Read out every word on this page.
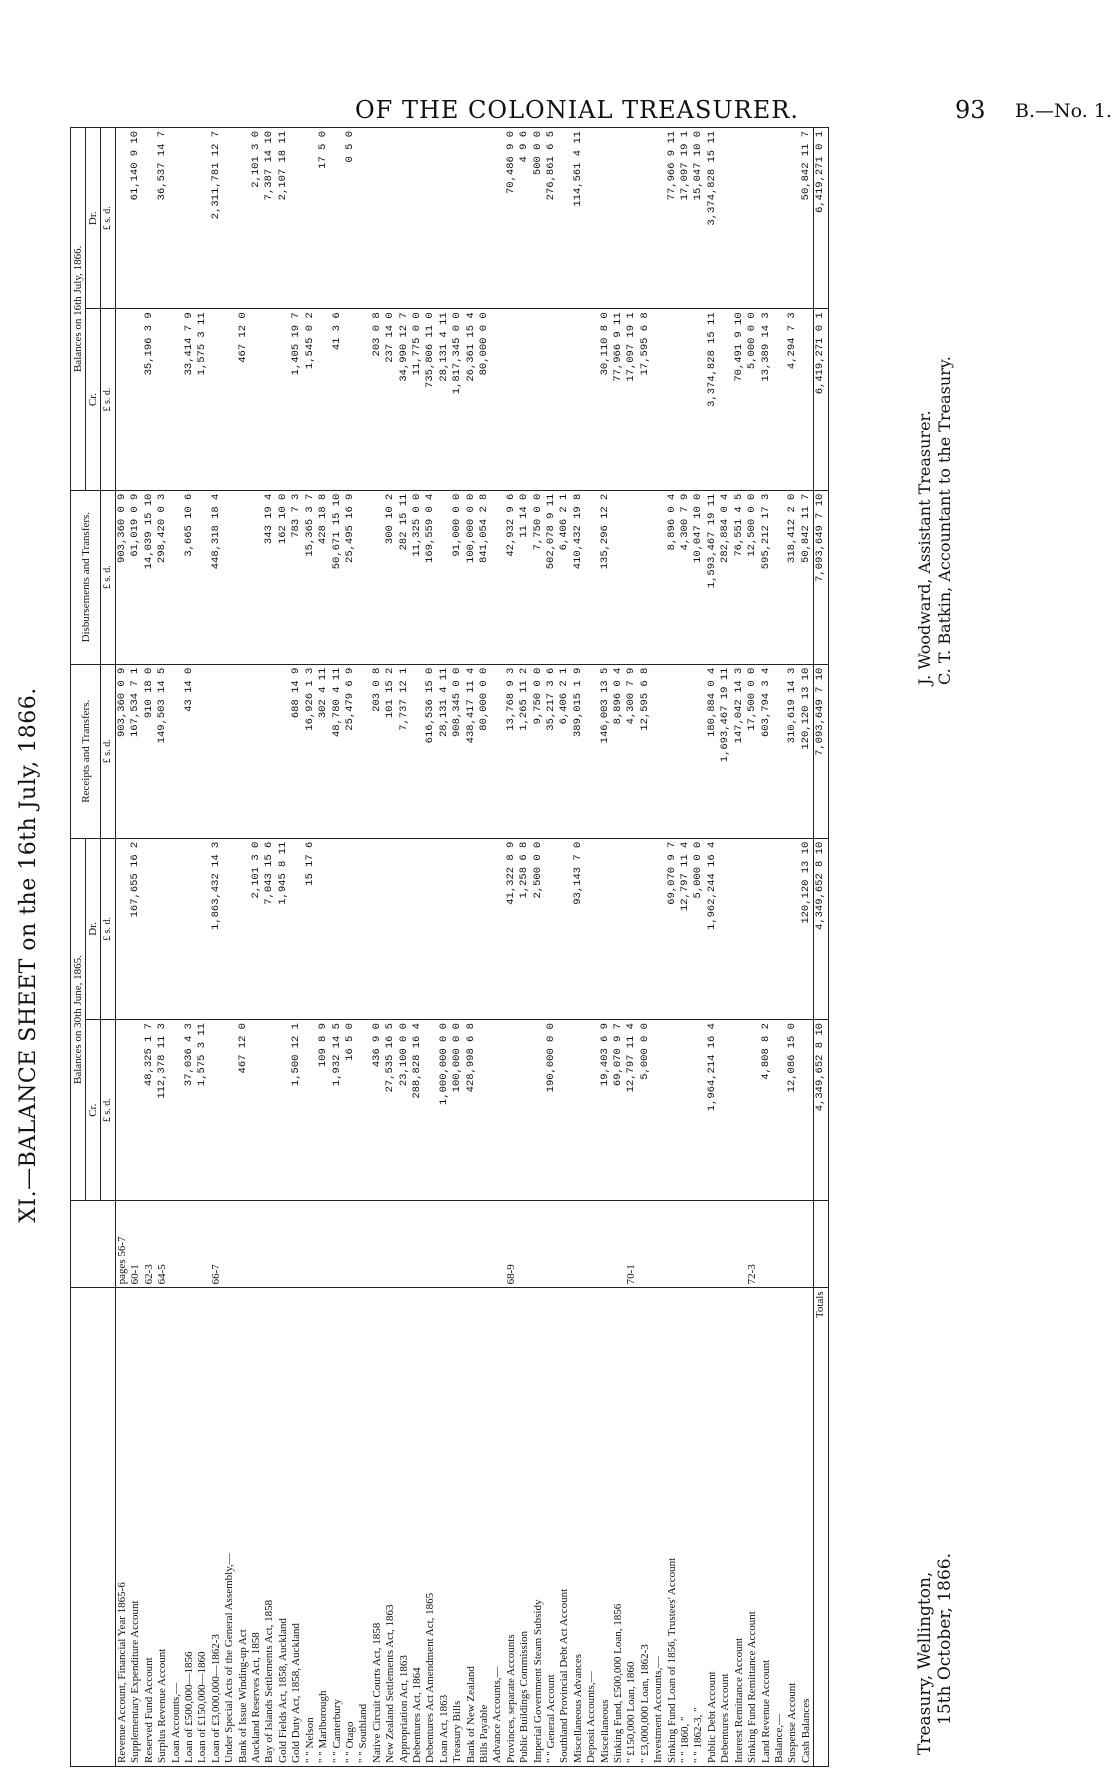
OF THE COLONIAL TREASURER.	93 B.—No. 1.
XI.—BALANCE SHEET on the 16th July, 1866.
			Balances on 30th June, 1865.		Receipts and Transfers.	Disbursements and Transfers.	Balances on 16th July, 1866.	
		Cr.	Dr.			Cr.	Dr.
		£ s. d.	£ s. d.	£ s. d.	£ s. d.	£ s. d.	£ s. d.
Revenue Account, Financial Year 1865-6	pages 56-7			903,360 0 9	903,360 0 9		
Supplementary Expenditure Account	60-1		167,655 16 2	167,534 7 1	61,019 0 9		61,140 9 10
Reserved Fund Account	62-3	48,325 1 7		910 18 0	14,039 15 10	35,196 3 9	
Surplus Revenue Account	64-5	112,378 11 3		149,503 14 5	298,420 0 3		36,537 14 7
Loan Accounts,—							
Loan of £500,000—1856		37,036 4 3		43 14 0	3,665 10 6	33,414 7 9	
Loan of £150,000—1860		1,575 3 11				1,575 3 11	
Loan of £3,000,000—1862-3	66-7		1,863,432 14 3		448,318 18 4		2,311,781 12 7
Under Special Acts of the General Assembly,—							
Bank of Issue Winding-up Act		467 12 0				467 12 0	
Auckland Reserves Act, 1858			2,101 3 0				2,101 3 0
Bay of Islands Settlements Act, 1858			7,043 15 6		343 19 4		7,387 14 10
Gold Fields Act, 1858, Auckland			1,945 8 11		162 10 0		2,107 18 11
Gold Duty Act, 1858, Auckland		1,500 12 1		688 14 9	783 7 3	1,405 19 7	
" " Nelson			15 17 6	16,926 1 3	15,365 3 7	1,545 0 2	
" " Marlborough		109 8 9		302 4 11	428 18 8		17 5 0
" " Canterbury		1,932 14 5		48,780 4 11	50,671 15 10	41 3 6	
" " Otago		16 5 0		25,479 6 9	25,495 16 9		0 5 0
" " Southland							
Native Circuit Courts Act, 1858		436 9 0		203 0 8		203 0 8	
New Zealand Settlements Act, 1863		27,535 16 5		101 15 2	300 10 2	237 14 0	
Appropriation Act, 1863		23,100 0 0		7,737 12 1	282 15 11	34,990 12 7	
Debentures Act, 1864		288,828 16 4			11,325 0 0	11,775 0 0	
Debentures Act Amendment Act, 1865				616,536 15 0	169,559 0 4	735,806 11 0	
Loan Act, 1863		1,000,000 0 0		28,131 4 11		28,131 4 11	
Treasury Bills		100,000 0 0		908,345 0 0	91,000 0 0	1,817,345 0 0	
Bank of New Zealand		428,998 6 8		438,417 11 4	100,000 0 0	26,361 15 4	
Bills Payable				80,000 0 0	841,054 2 8	80,000 0 0	
Advance Accounts,—							
Provinces, separate Accounts	68-9		41,322 8 9	13,768 9 3	42,932 9 6		70,486 9 0
Public Buildings Commission			1,258 6 8	1,265 11 2	11 14 0		4 9 6
Imperial Government Steam Subsidy			2,500 0 0	9,750 0 0	7,750 0 0		500 0 0
" " General Account		190,000 0 0		35,217 3 6	502,078 9 11		276,861 6 5
Southland Provincial Debt Act Account				6,406 2 1	6,406 2 1		
Miscellaneous Advances			93,143 7 0	389,015 1 9	410,432 19 8		114,561 4 11
Deposit Accounts,—							
Miscellaneous		19,403 6 9		146,003 13 5	135,296 12 2	30,110 8 0	
Sinking Fund, £500,000 Loan, 1856		69,070 9 7		8,896 0 4		77,966 9 11	
" £150,000 Loan, 1860	70-1	12,797 11 4		4,300 7 9		17,097 19 1	
" £3,000,000 Loan, 1862-3		5,000 0 0		12,595 6 8		17,595 6 8	
Investment Accounts,—							
Sinking Fund Loan of 1856, Trustees' Account			69,070 9 7		8,896 0 4		77,966 9 11
" " 1860, "			12,797 11 4		4,300 7 9		17,097 19 1
" " 1862-3, "			5,000 0 0		10,047 10 0		15,047 10 0
Public Debt Account		1,964,214 16 4	1,962,244 16 4	180,884 0 4	1,593,467 19 11	3,374,828 15 11	3,374,828 15 11
Debentures Account				1,693,467 19 11	282,884 0 4		
Interest Remittance Account				147,042 14 3	76,551 4 5	70,491 9 10	
Sinking Fund Remittance Account	72-3			17,500 0 0	12,500 0 0	5,000 0 0	
Land Revenue Account		4,808 8 2		603,794 3 4	595,212 17 3	13,389 14 3	
Balance,—							
Suspense Account		12,086 15 0		310,619 14 3	318,412 2 0	4,294 7 3	
Cash Balances			120,120 13 10	120,120 13 10	50,842 11 7		50,842 11 7
Totals		4,349,652 8 10	4,349,652 8 10	7,093,649 7 10	7,093,649 7 10	6,419,271 0 1	6,419,271 0 1
Treasury, Wellington, 15th October, 1866.
J. Woodward, Assistant Treasurer. C. T. Batkin, Accountant to the Treasury.
